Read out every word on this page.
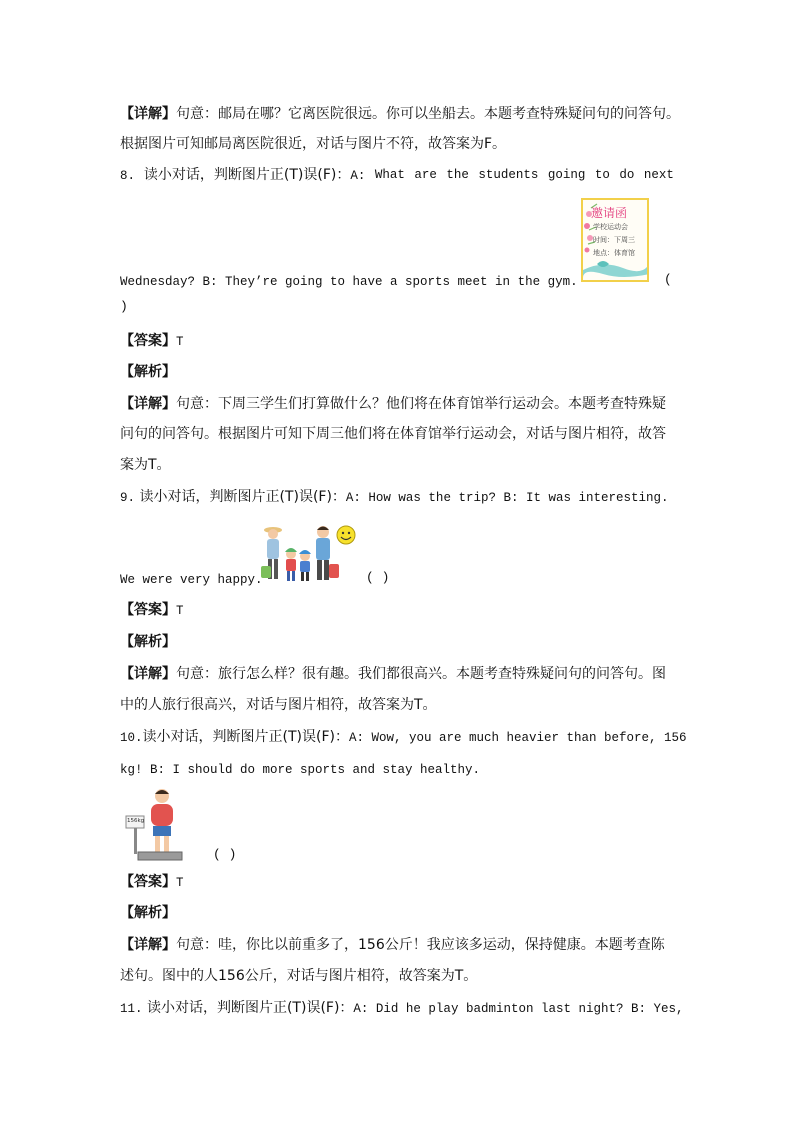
【详解】句意：邮局在哪？它离医院很远。你可以坐船去。本题考查特殊疑问句的问答句。
根据图片可知邮局离医院很近，对话与图片不符，故答案为F。
8. 读小对话，判断图片正(T)误(F)：A: What are the students going to do next
邀请函
学校运动会
时间：下周三
地点：体育馆
Wednesday? B: They’re going to have a sports meet in the gym.	(
)
【答案】T
【解析】
【详解】句意：下周三学生们打算做什么？他们将在体育馆举行运动会。本题考查特殊疑
问句的问答句。根据图片可知下周三他们将在体育馆举行运动会，对话与图片相符，故答
案为T。
9. 读小对话，判断图片正(T)误(F)：A: How was the trip? B: It was interesting.
We were very happy.	( )
【答案】T
【解析】
【详解】句意：旅行怎么样？很有趣。我们都很高兴。本题考查特殊疑问句的问答句。图
中的人旅行很高兴，对话与图片相符，故答案为T。
10.读小对话，判断图片正(T)误(F)：A: Wow, you are much heavier than before, 156
kg! B: I should do more sports and stay healthy.
156kg
( )
【答案】T
【解析】
【详解】句意：哇，你比以前重多了，156公斤！我应该多运动，保持健康。本题考查陈
述句。图中的人156公斤，对话与图片相符，故答案为T。
11. 读小对话，判断图片正(T)误(F)：A: Did he play badminton last night? B: Yes,
